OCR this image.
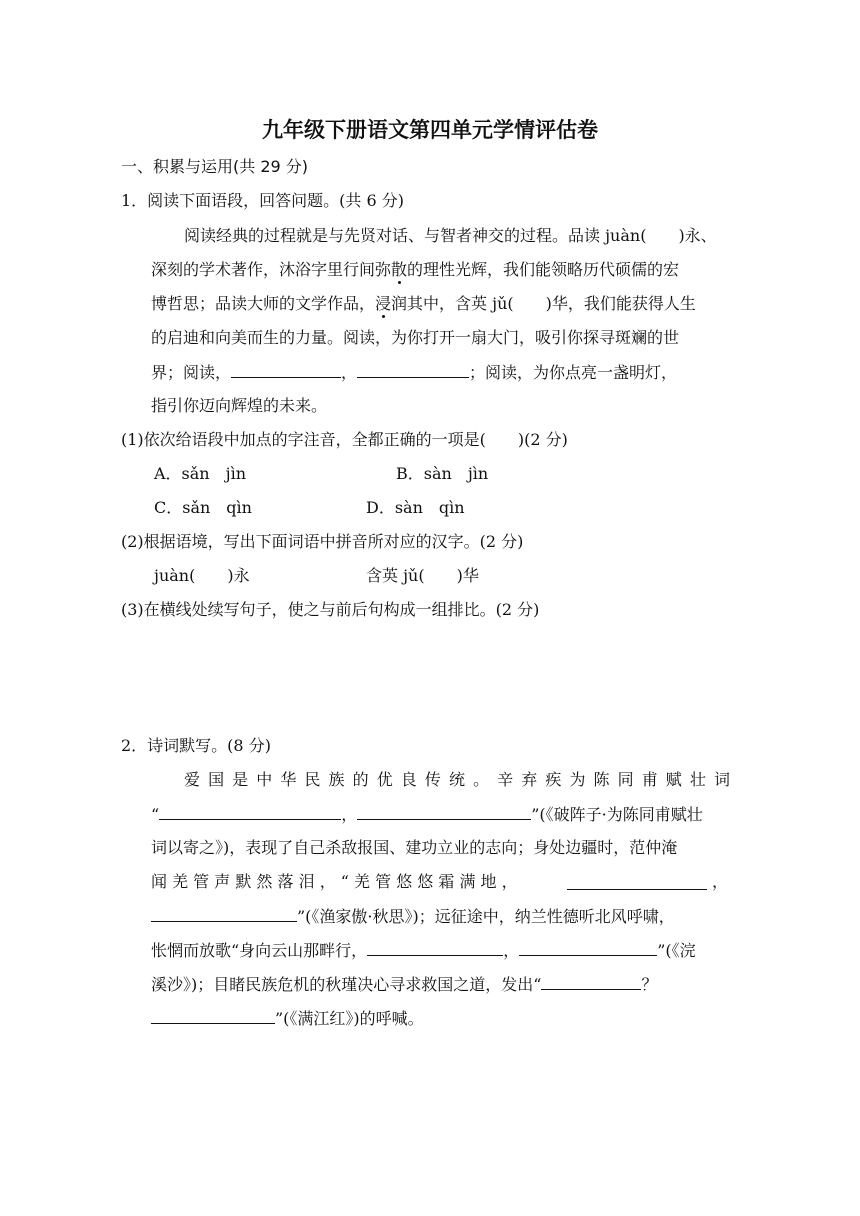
九年级下册语文第四单元学情评估卷
一、积累与运用(共 29 分)
1．阅读下面语段，回答问题。(共 6 分)
阅读经典的过程就是与先贤对话、与智者神交的过程。品读 juàn(　　)永、
深刻的学术著作，沐浴字里行间弥散的理性光辉，我们能领略历代硕儒的宏
博哲思；品读大师的文学作品，浸润其中，含英 jǔ(　　)华，我们能获得人生
的启迪和向美而生的力量。阅读，为你打开一扇大门，吸引你探寻斑斓的世
界；阅读，	，	；阅读，为你点亮一盏明灯，
指引你迈向辉煌的未来。
(1)依次给语段中加点的字注音，全都正确的一项是(　　)(2 分)
A．sǎn　jìn	B．sàn　jìn
C．sǎn　qìn	D．sàn　qìn
(2)根据语境，写出下面词语中拼音所对应的汉字。(2 分)
juàn(　　)永	含英 jǔ(　　)华
(3)在横线处续写句子，使之与前后句构成一组排比。(2 分)
2．诗词默写。(8 分)
爱 国 是 中 华 民 族 的 优 良 传 统 。 辛 弃 疾 为 陈 同 甫 赋 壮 词
“	，	”(《破阵子·为陈同甫赋壮
词以寄之》)，表现了自己杀敌报国、建功立业的志向；身处边疆时，范仲淹
闻 羌 管 声 默 然 落 泪 ， “ 羌 管 悠 悠 霜 满 地 ，	，
”(《渔家傲·秋思》)；远征途中，纳兰性德听北风呼啸，
怅惘而放歌“身向云山那畔行，	，	”(《浣
溪沙》)；目睹民族危机的秋瑾决心寻求救国之道，发出“	？
”(《满江红》)的呼喊。
